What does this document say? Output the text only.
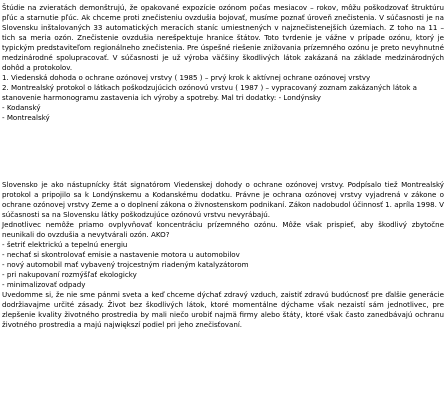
Štúdie na zvieratách demonštrujú, že opakované expozície ozónom počas mesiacov – rokov, môžu poškodzovať štruktúru pľúc a starnutie pľúc. Ak chceme proti znečisteniu ovzdušia bojovať, musíme poznať úroveň znečistenia. V súčasnosti je na Slovensku inštalovaných 33 automatických meracích staníc umiestnených v najznečistenejších územiach. Z toho na 11 – tich sa meria ozón. Znečistenie ovzdušia nerešpektuje hranice štátov. Toto tvrdenie je vážne v prípade ozónu, ktorý je typickým predstaviteľom regionálneho znečistenia. Pre úspešné riešenie znižovania prízemného ozónu je preto nevyhnutné medzinárodné spolupracovať. V súčasnosti je už výroba väčšiny škodlivých látok zakázaná na základe medzinárodných dohôd a protokolov.

1. Viedenská dohoda o ochrane ozónovej vrstvy ( 1985 ) – prvý krok k aktívnej ochrane ozónovej vrstvy

2. Montrealský protokol o látkach poškodzujúcich ozónovú vrstvu ( 1987 ) – vypracovaný zoznam zakázaných látok a stanovenie harmonogramu zastavenia ich výroby a spotreby. Mal tri dodatky: - Londýnsky

- Kodanský

- Montrealský

Slovensko je ako nástupnícky štát signatórom Viedenskej dohody o ochrane ozónovej vrstvy. Podpísalo tiež Montrealský protokol a pripojilo sa k Londýnskemu a Kodanskému dodatku. Právne je ochrana ozónovej vrstvy vyjadrená v zákone o ochrane ozónovej vrstvy Zeme a o doplnení zákona o živnostenskom podnikaní. Zákon nadobudol účinnosť 1. apríla 1998. V súčasnosti sa na Slovensku látky poškodzujúce ozónovú vrstvu nevyrábajú.

Jednotlivec nemôže priamo ovplyvňovať koncentráciu prízemného ozónu. Môže však prispieť, aby škodlivý zbytočne neunikali do ovzdušia a nevytvárali ozón. AKO?

- šetriť elektrickú a tepelnú energiu

- nechať si skontrolovať emisie a nastavenie motora u automobilov

- nový automobil mať vybavený trojcestným riadeným katalyzátorom

- pri nakupovaní rozmýšľať ekologicky

- minimalizovať odpady

Uvedomme si, že nie sme pánmi sveta a keď chceme dýchať zdravý vzduch, zaistiť zdravú budúcnosť pre ďalšie generácie dodržiavajme určité zásady. Život bez škodlivých látok, ktoré momentálne dýchame však nezaistí sám jednotlivec, pre zlepšenie kvality životného prostredia by mali niečo urobiť najmä firmy alebo štáty, ktoré však často zanedbávajú ochranu životného prostredia a majú największí podiel pri jeho znečisťovaní.
